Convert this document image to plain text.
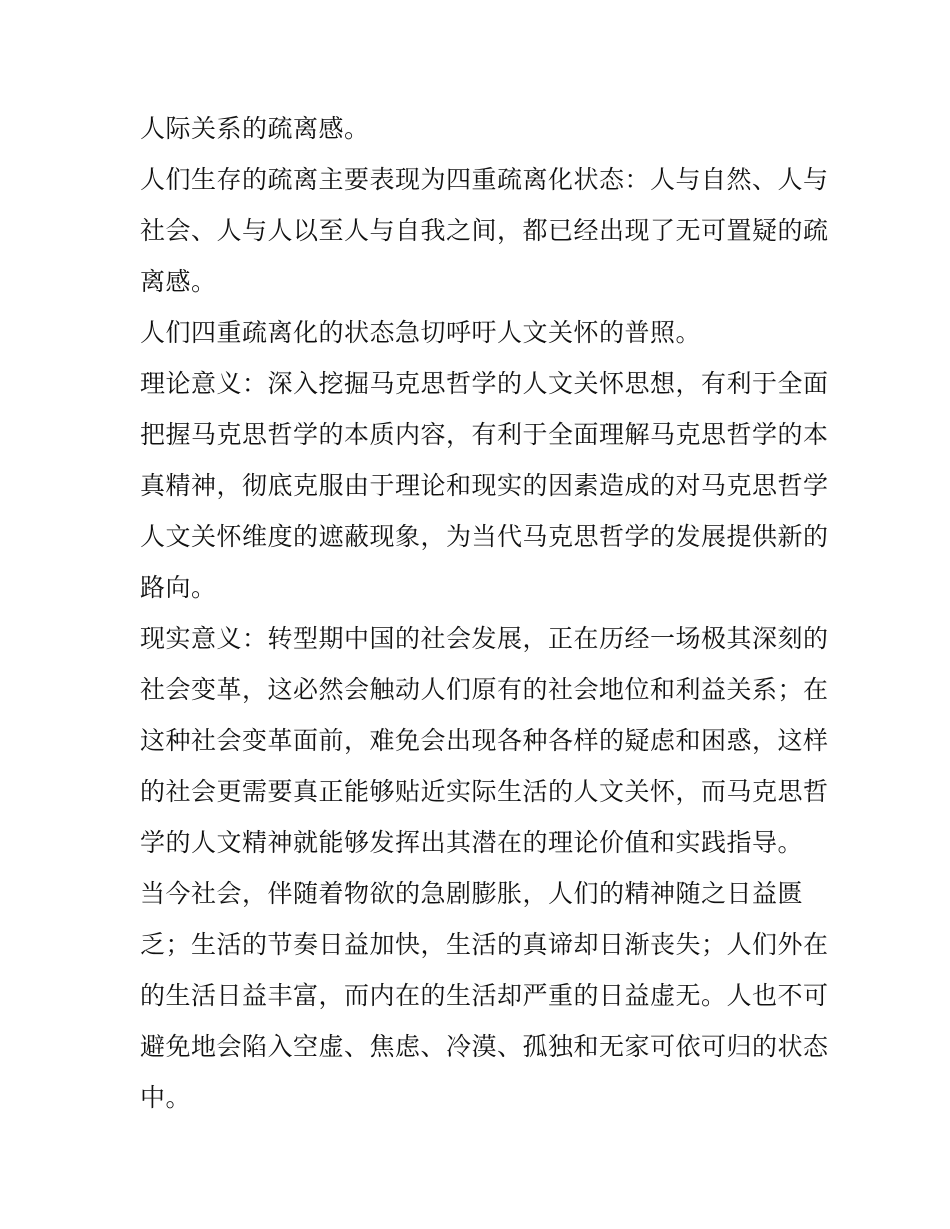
人际关系的疏离感。

人们生存的疏离主要表现为四重疏离化状态：人与自然、人与

社会、人与人以至人与自我之间，都已经出现了无可置疑的疏

离感。

人们四重疏离化的状态急切呼吁人文关怀的普照。

理论意义：深入挖掘马克思哲学的人文关怀思想，有利于全面

把握马克思哲学的本质内容，有利于全面理解马克思哲学的本

真精神，彻底克服由于理论和现实的因素造成的对马克思哲学

人文关怀维度的遮蔽现象，为当代马克思哲学的发展提供新的

路向。

现实意义：转型期中国的社会发展，正在历经一场极其深刻的

社会变革，这必然会触动人们原有的社会地位和利益关系；在

这种社会变革面前，难免会出现各种各样的疑虑和困惑，这样

的社会更需要真正能够贴近实际生活的人文关怀，而马克思哲

学的人文精神就能够发挥出其潜在的理论价值和实践指导。

当今社会，伴随着物欲的急剧膨胀，人们的精神随之日益匮

乏；生活的节奏日益加快，生活的真谛却日渐丧失；人们外在

的生活日益丰富，而内在的生活却严重的日益虚无。人也不可

避免地会陷入空虚、焦虑、冷漠、孤独和无家可依可归的状态

中。
